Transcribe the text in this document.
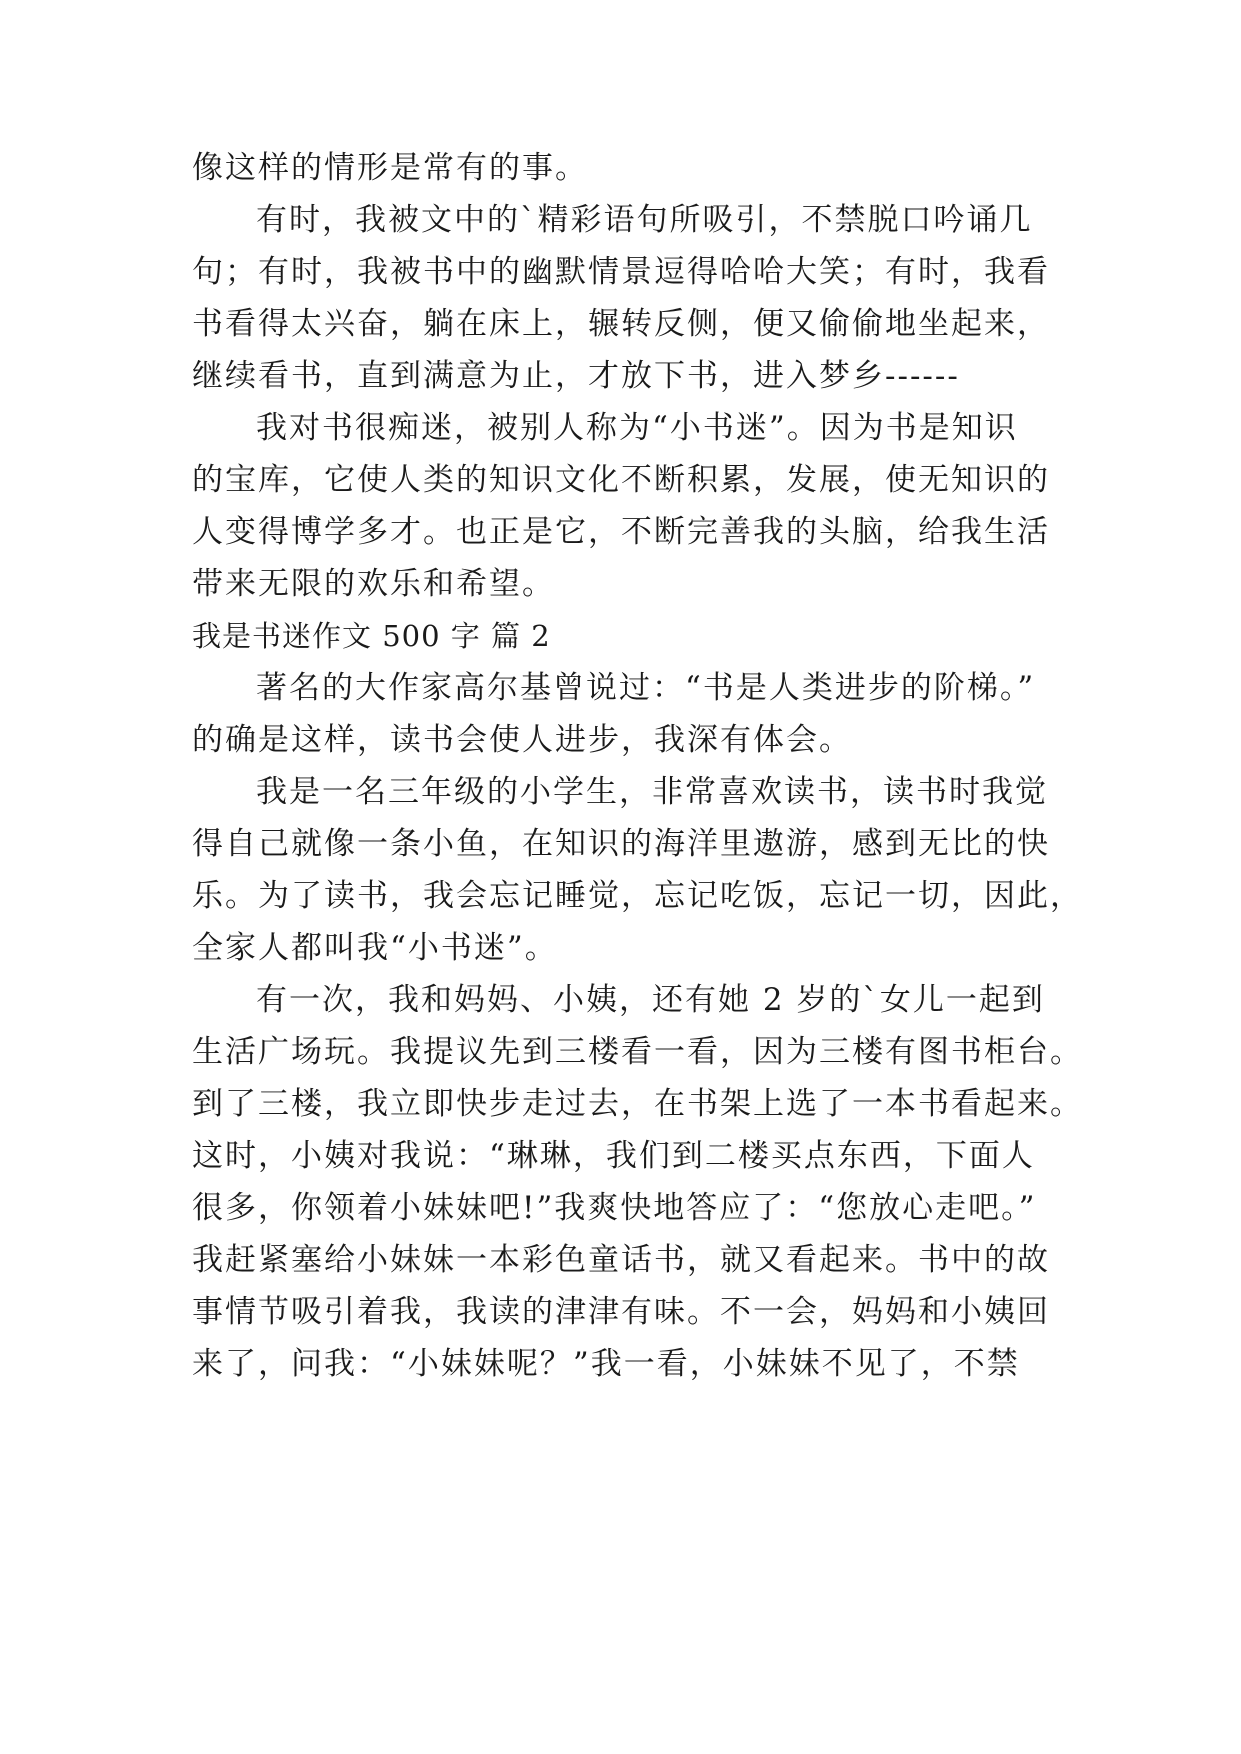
像这样的情形是常有的事。
有时，我被文中的`精彩语句所吸引，不禁脱口吟诵几
句；有时，我被书中的幽默情景逗得哈哈大笑；有时，我看
书看得太兴奋，躺在床上，辗转反侧，便又偷偷地坐起来，
继续看书，直到满意为止，才放下书，进入梦乡------
我对书很痴迷，被别人称为“小书迷”。因为书是知识
的宝库，它使人类的知识文化不断积累，发展，使无知识的
人变得博学多才。也正是它，不断完善我的头脑，给我生活
带来无限的欢乐和希望。
我是书迷作文 500 字 篇 2
著名的大作家高尔基曾说过：“书是人类进步的阶梯。”
的确是这样，读书会使人进步，我深有体会。
我是一名三年级的小学生，非常喜欢读书，读书时我觉
得自己就像一条小鱼，在知识的海洋里遨游，感到无比的快
乐。为了读书，我会忘记睡觉，忘记吃饭，忘记一切，因此，
全家人都叫我“小书迷”。
有一次，我和妈妈、小姨，还有她 2 岁的`女儿一起到
生活广场玩。我提议先到三楼看一看，因为三楼有图书柜台。
到了三楼，我立即快步走过去，在书架上选了一本书看起来。
这时，小姨对我说：“琳琳，我们到二楼买点东西，下面人
很多，你领着小妹妹吧!”我爽快地答应了：“您放心走吧。”
我赶紧塞给小妹妹一本彩色童话书，就又看起来。书中的故
事情节吸引着我，我读的津津有味。不一会，妈妈和小姨回
来了，问我：“小妹妹呢？”我一看，小妹妹不见了，不禁
